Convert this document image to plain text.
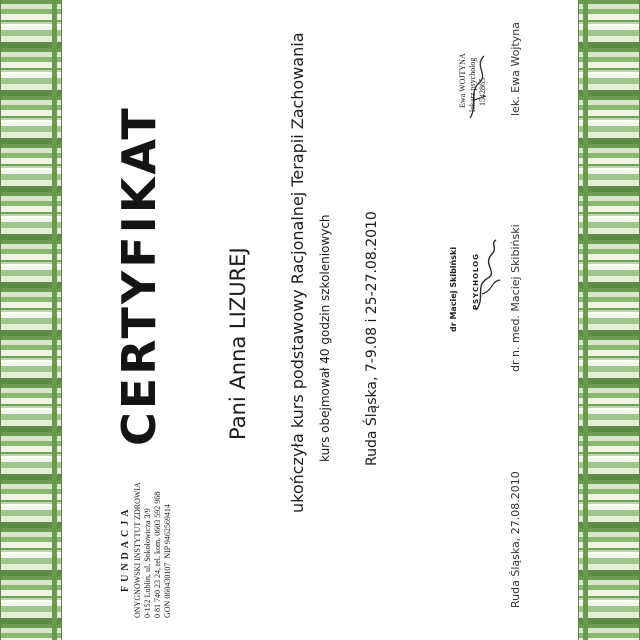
FUNDACJA ONYGNOWSKI INSTYTUT ZDROWIA 0-152 Lublin, ul. Sokołowicza 3/9 0 81 740 23 24, tel. kom. 0603 592 968 GON 060430107  NIP 9462569414
CERTYFIKAT	Pani Anna LIZUREJ ukończyła kurs podstawowy Racjonalnej Terapii Zachowania kurs obejmował 40 godzin szkoleniowych Ruda Śląska, 7-9.08 i 25-27.08.2010	dr Maciej Skibiński PSYCHOLOG	dr n. med. Maciej Skibiński
Ewa WOJTYNA lekarz psycholog 1542865 lek. Ewa Wojtyna
Ruda Śląska, 27.08.2010
